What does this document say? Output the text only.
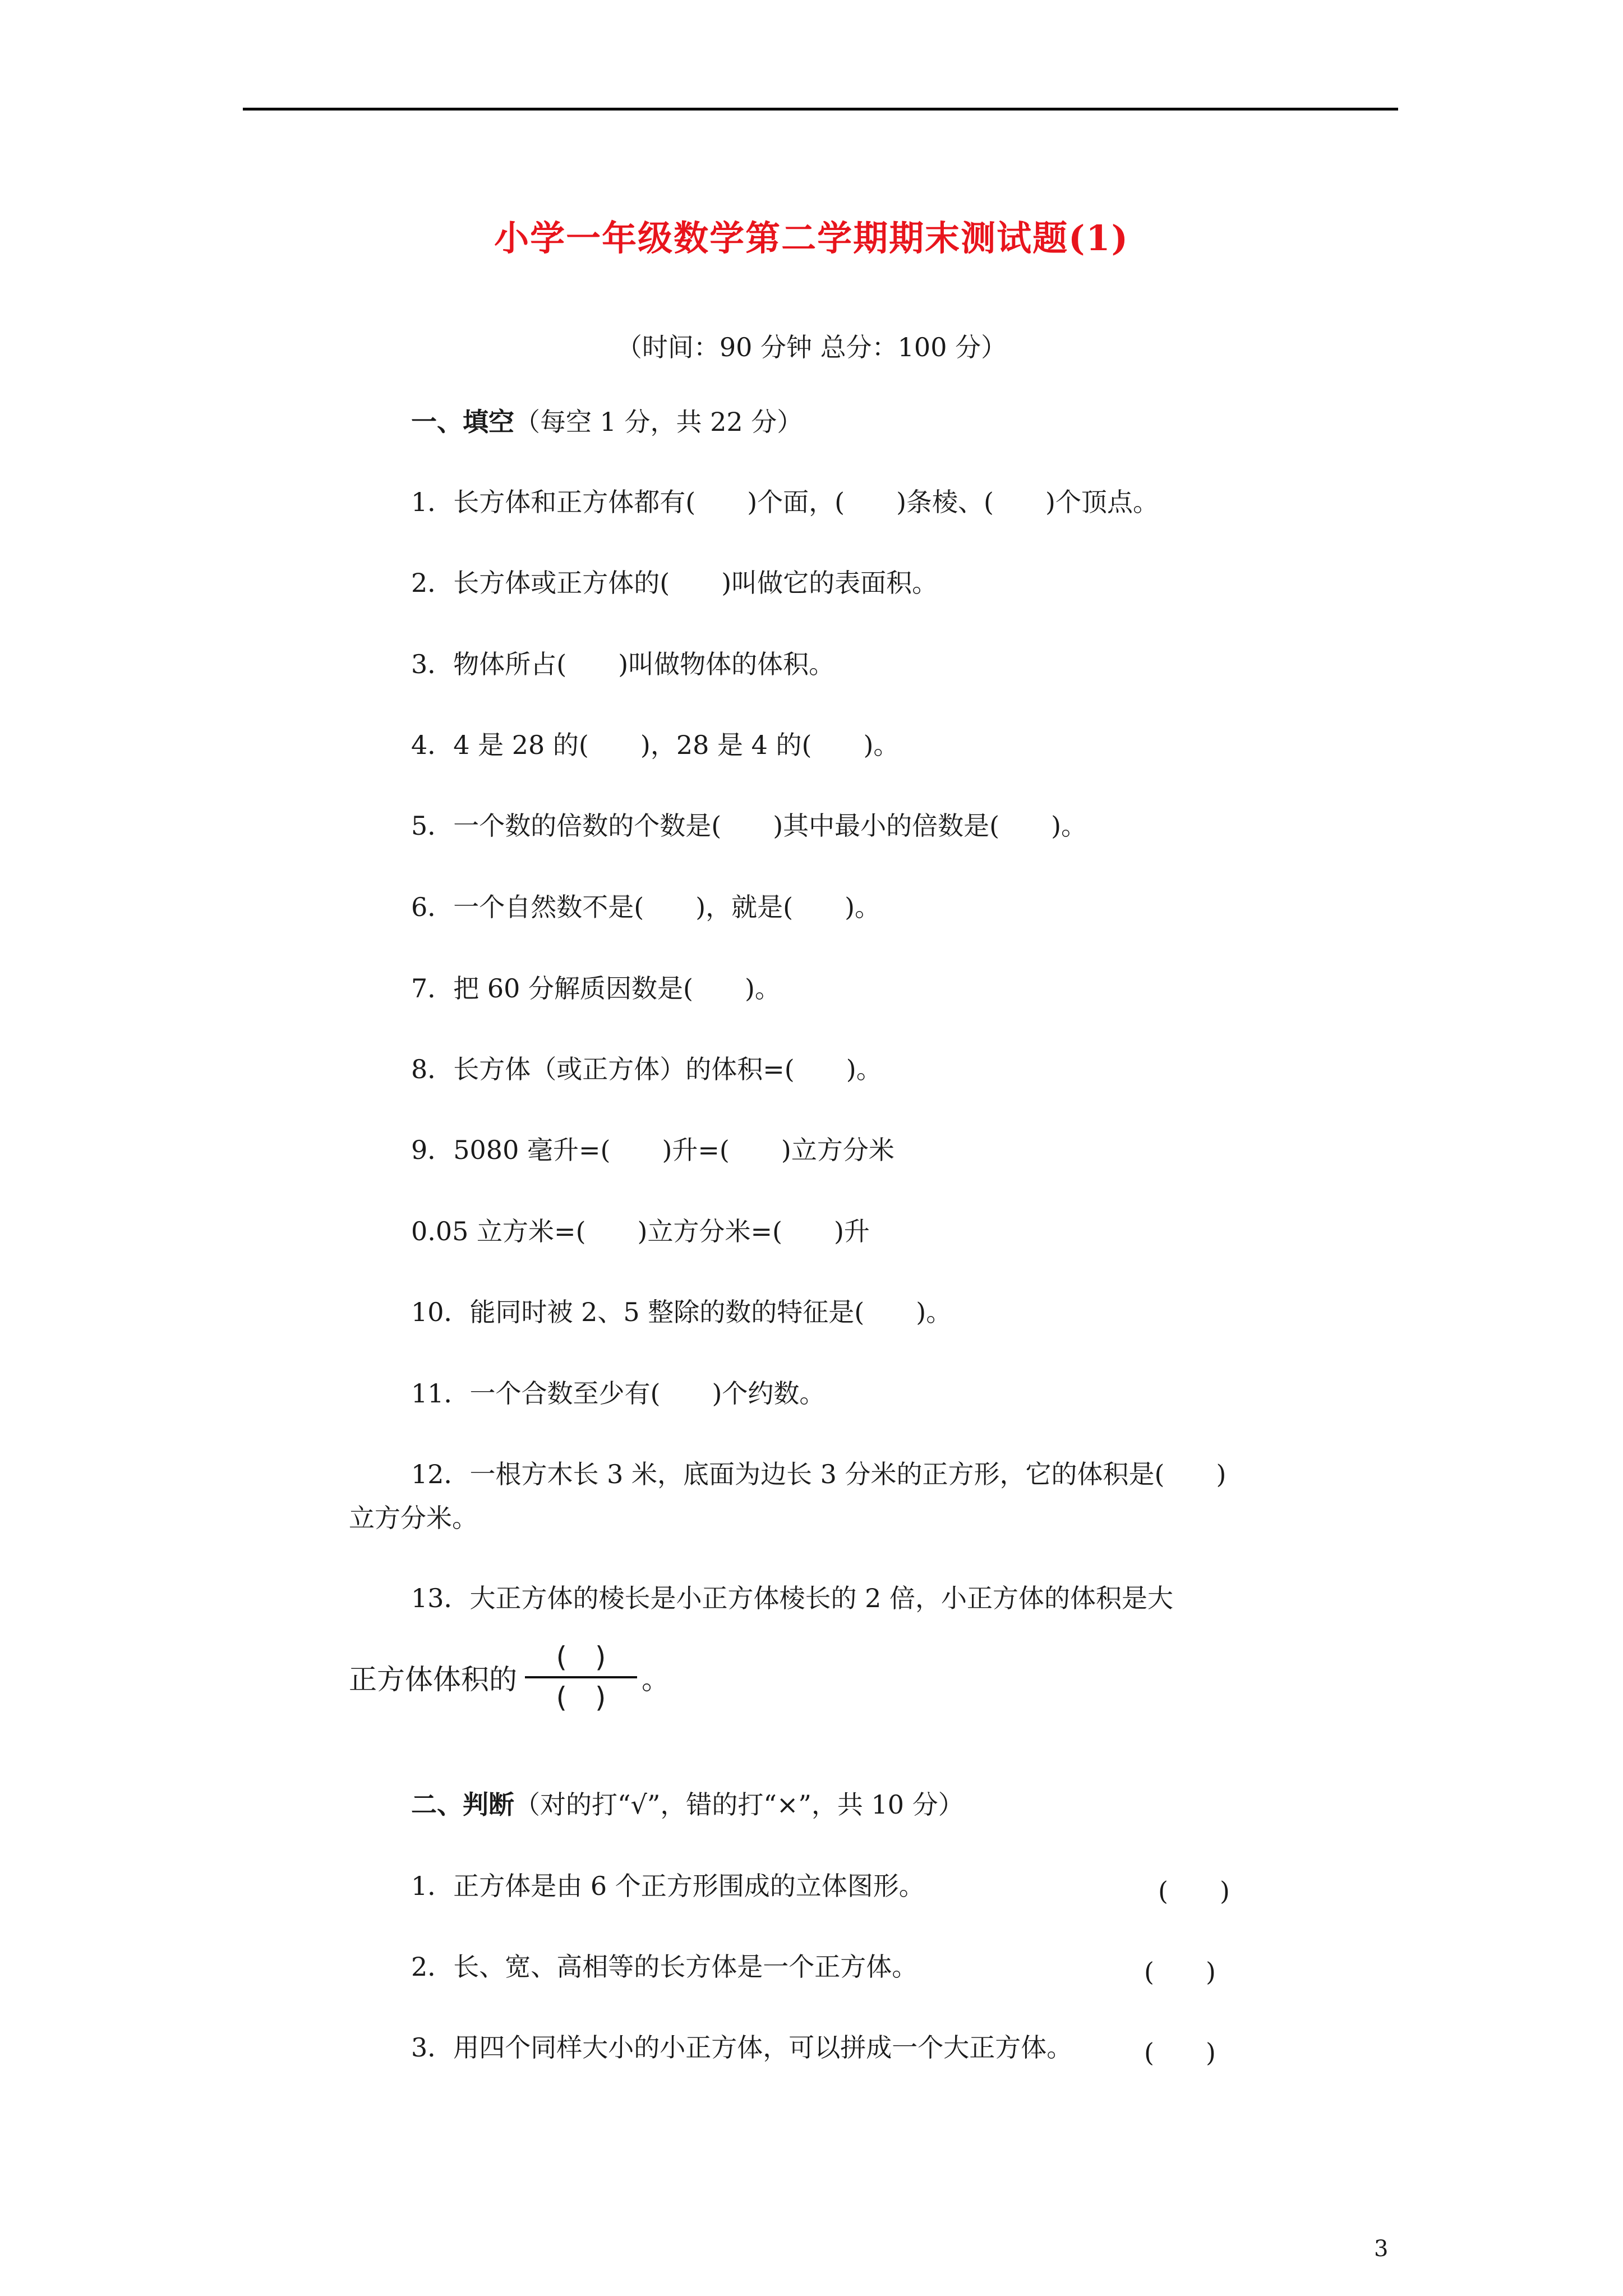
小学一年级数学第二学期期末测试题(1)
（时间：90 分钟 总分：100 分）
一、填空（每空 1 分，共 22 分）
1．长方体和正方体都有(　　)个面，(　　)条棱、(　　)个顶点。
2．长方体或正方体的(　　)叫做它的表面积。
3．物体所占(　　)叫做物体的体积。
4．4 是 28 的(　　)，28 是 4 的(　　)。
5．一个数的倍数的个数是(　　)其中最小的倍数是(　　)。
6．一个自然数不是(　　)，就是(　　)。
7．把 60 分解质因数是(　　)。
8．长方体（或正方体）的体积=(　　)。
9．5080 毫升=(　　)升=(　　)立方分米
0.05 立方米=(　　)立方分米=(　　)升
10．能同时被 2、5 整除的数的特征是(　　)。
11．一个合数至少有(　　)个约数。
12．一根方木长 3 米，底面为边长 3 分米的正方形，它的体积是(　　)
立方分米。
13．大正方体的棱长是小正方体棱长的 2 倍，小正方体的体积是大
正方体体积的 $\frac{( )}{( )}$ 。
二、判断（对的打“√”，错的打“×”，共 10 分）
1．正方体是由 6 个正方形围成的立体图形。	(　　)
2．长、宽、高相等的长方体是一个正方体。	(　　)
3．用四个同样大小的小正方体，可以拼成一个大正方体。	(　　)
3
